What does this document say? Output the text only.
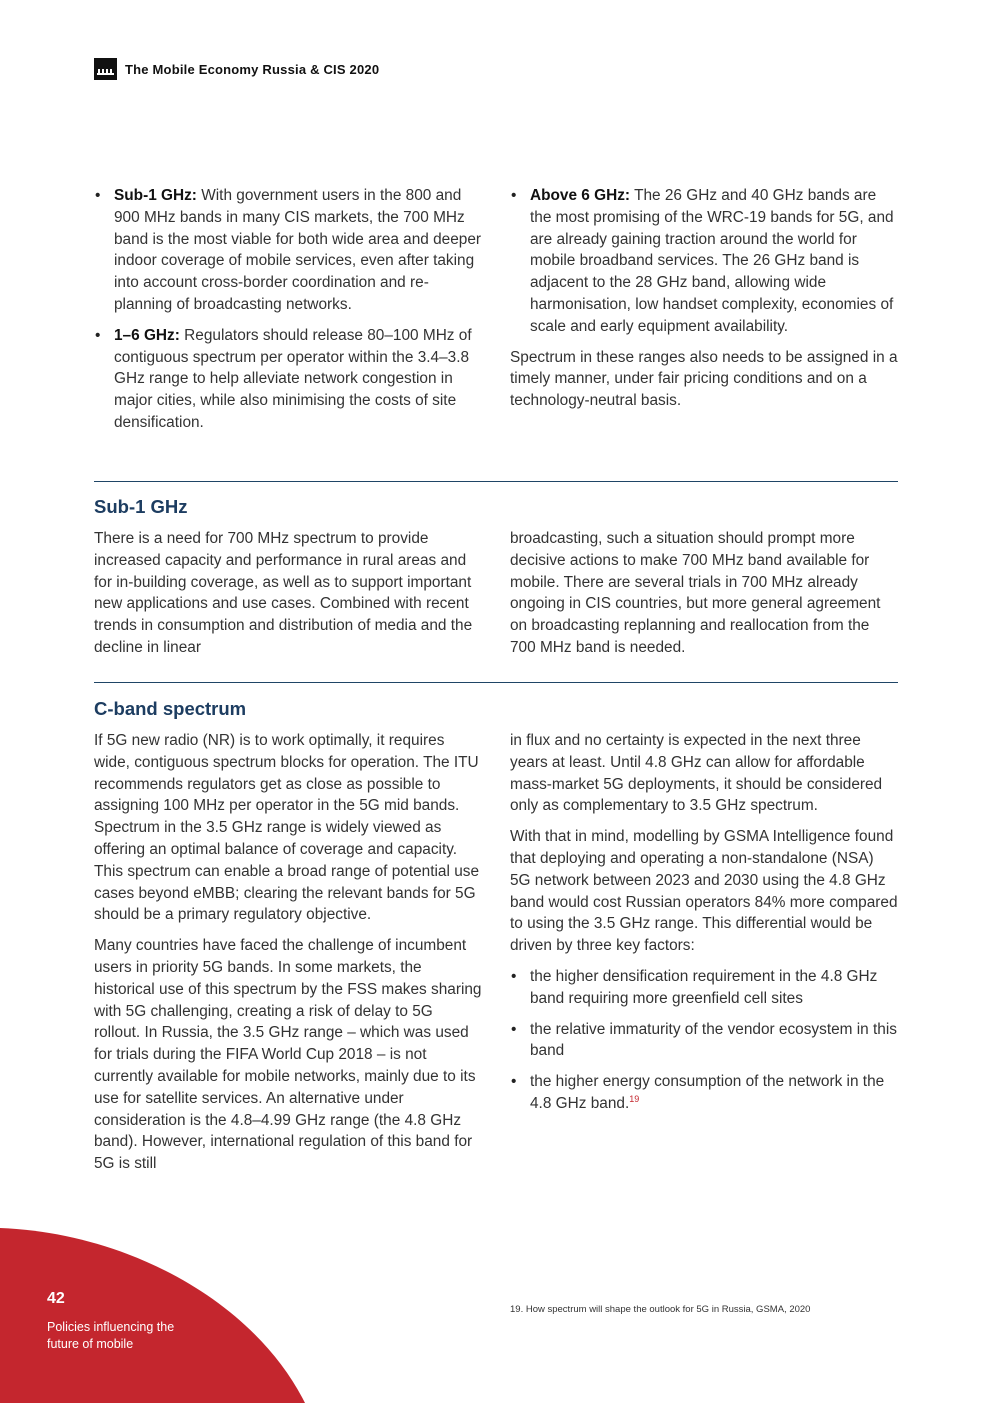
The Mobile Economy Russia & CIS 2020
• Sub-1 GHz: With government users in the 800 and 900 MHz bands in many CIS markets, the 700 MHz band is the most viable for both wide area and deeper indoor coverage of mobile services, even after taking into account cross-border coordination and re-planning of broadcasting networks.
• 1–6 GHz: Regulators should release 80–100 MHz of contiguous spectrum per operator within the 3.4–3.8 GHz range to help alleviate network congestion in major cities, while also minimising the costs of site densification.
• Above 6 GHz: The 26 GHz and 40 GHz bands are the most promising of the WRC-19 bands for 5G, and are already gaining traction around the world for mobile broadband services. The 26 GHz band is adjacent to the 28 GHz band, allowing wide harmonisation, low handset complexity, economies of scale and early equipment availability.

Spectrum in these ranges also needs to be assigned in a timely manner, under fair pricing conditions and on a technology-neutral basis.

Sub-1 GHz

There is a need for 700 MHz spectrum to provide increased capacity and performance in rural areas and for in-building coverage, as well as to support important new applications and use cases. Combined with recent trends in consumption and distribution of media and the decline in linear

broadcasting, such a situation should prompt more decisive actions to make 700 MHz band available for mobile. There are several trials in 700 MHz already ongoing in CIS countries, but more general agreement on broadcasting replanning and reallocation from the 700 MHz band is needed.

C-band spectrum

If 5G new radio (NR) is to work optimally, it requires wide, contiguous spectrum blocks for operation. The ITU recommends regulators get as close as possible to assigning 100 MHz per operator in the 5G mid bands. Spectrum in the 3.5 GHz range is widely viewed as offering an optimal balance of coverage and capacity. This spectrum can enable a broad range of potential use cases beyond eMBB; clearing the relevant bands for 5G should be a primary regulatory objective.

Many countries have faced the challenge of incumbent users in priority 5G bands. In some markets, the historical use of this spectrum by the FSS makes sharing with 5G challenging, creating a risk of delay to 5G rollout. In Russia, the 3.5 GHz range – which was used for trials during the FIFA World Cup 2018 – is not currently available for mobile networks, mainly due to its use for satellite services. An alternative under consideration is the 4.8–4.99 GHz range (the 4.8 GHz band). However, international regulation of this band for 5G is still

in flux and no certainty is expected in the next three years at least. Until 4.8 GHz can allow for affordable mass-market 5G deployments, it should be considered only as complementary to 3.5 GHz spectrum.

With that in mind, modelling by GSMA Intelligence found that deploying and operating a non-standalone (NSA) 5G network between 2023 and 2030 using the 4.8 GHz band would cost Russian operators 84% more compared to using the 3.5 GHz range. This differential would be driven by three key factors:

• the higher densification requirement in the 4.8 GHz band requiring more greenfield cell sites
• the relative immaturity of the vendor ecosystem in this band
• the higher energy consumption of the network in the 4.8 GHz band.$^{19}$
19. How spectrum will shape the outlook for 5G in Russia, GSMA, 2020
42
Policies influencing the future of mobile
